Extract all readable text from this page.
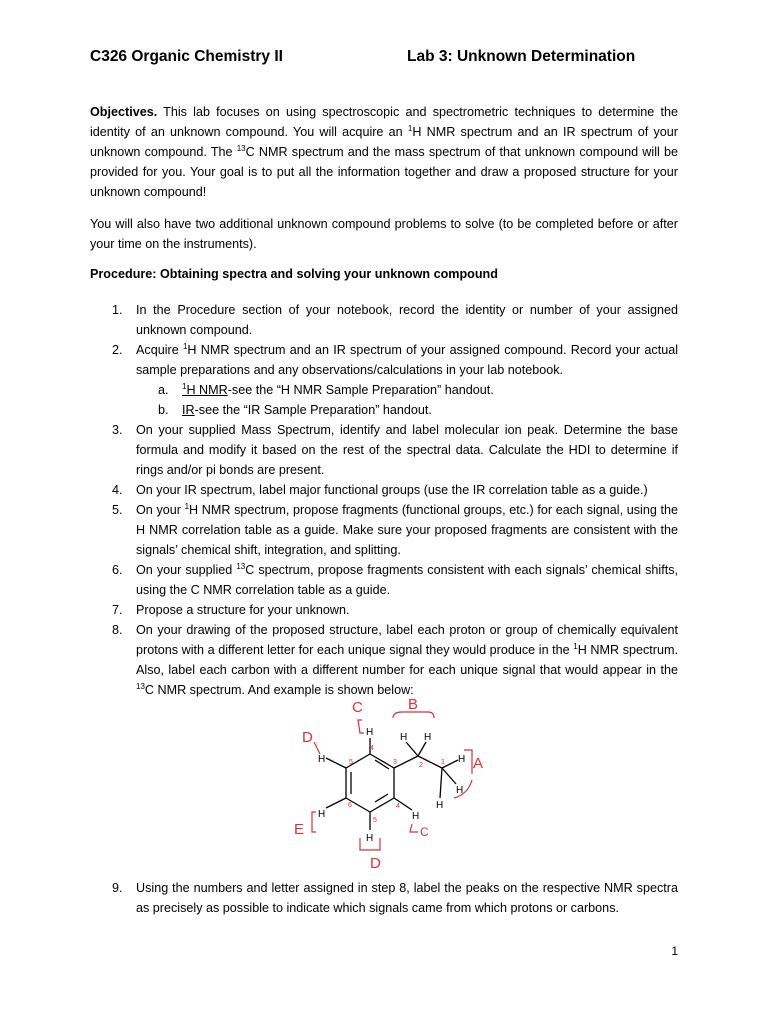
C326 Organic Chemistry II	Lab 3: Unknown Determination
Objectives. This lab focuses on using spectroscopic and spectrometric techniques to determine the identity of an unknown compound. You will acquire an $^1$H NMR spectrum and an IR spectrum of your unknown compound. The $^{13}$C NMR spectrum and the mass spectrum of that unknown compound will be provided for you. Your goal is to put all the information together and draw a proposed structure for your unknown compound!
You will also have two additional unknown compound problems to solve (to be completed before or after your time on the instruments).
Procedure: Obtaining spectra and solving your unknown compound
1. In the Procedure section of your notebook, record the identity or number of your assigned unknown compound.
2. Acquire $^1$H NMR spectrum and an IR spectrum of your assigned compound. Record your actual sample preparations and any observations/calculations in your lab notebook.
a. $^1$H NMR-see the “H NMR Sample Preparation” handout.
b. IR-see the “IR Sample Preparation” handout.
3. On your supplied Mass Spectrum, identify and label molecular ion peak. Determine the base formula and modify it based on the rest of the spectral data. Calculate the HDI to determine if rings and/or pi bonds are present.
4. On your IR spectrum, label major functional groups (use the IR correlation table as a guide.)
5. On your $^1$H NMR spectrum, propose fragments (functional groups, etc.) for each signal, using the H NMR correlation table as a guide. Make sure your proposed fragments are consistent with the signals’ chemical shift, integration, and splitting.
6. On your supplied $^{13}$C spectrum, propose fragments consistent with each signals’ chemical shifts, using the C NMR correlation table as a guide.
7. Propose a structure for your unknown.
8. On your drawing of the proposed structure, label each proton or group of chemically equivalent protons with a different letter for each unique signal they would produce in the $^1$H NMR spectrum. Also, label each carbon with a different number for each unique signal that would appear in the $^{13}$C NMR spectrum. And example is shown below:
9. Using the numbers and letter assigned in step 8, label the peaks on the respective NMR spectra as precisely as possible to indicate which signals came from which protons or carbons.
H
H
H
H
H
H H
H
H
H
4
5
6
5
4
3	2	1 A
B
C
C
D
D
E
1
